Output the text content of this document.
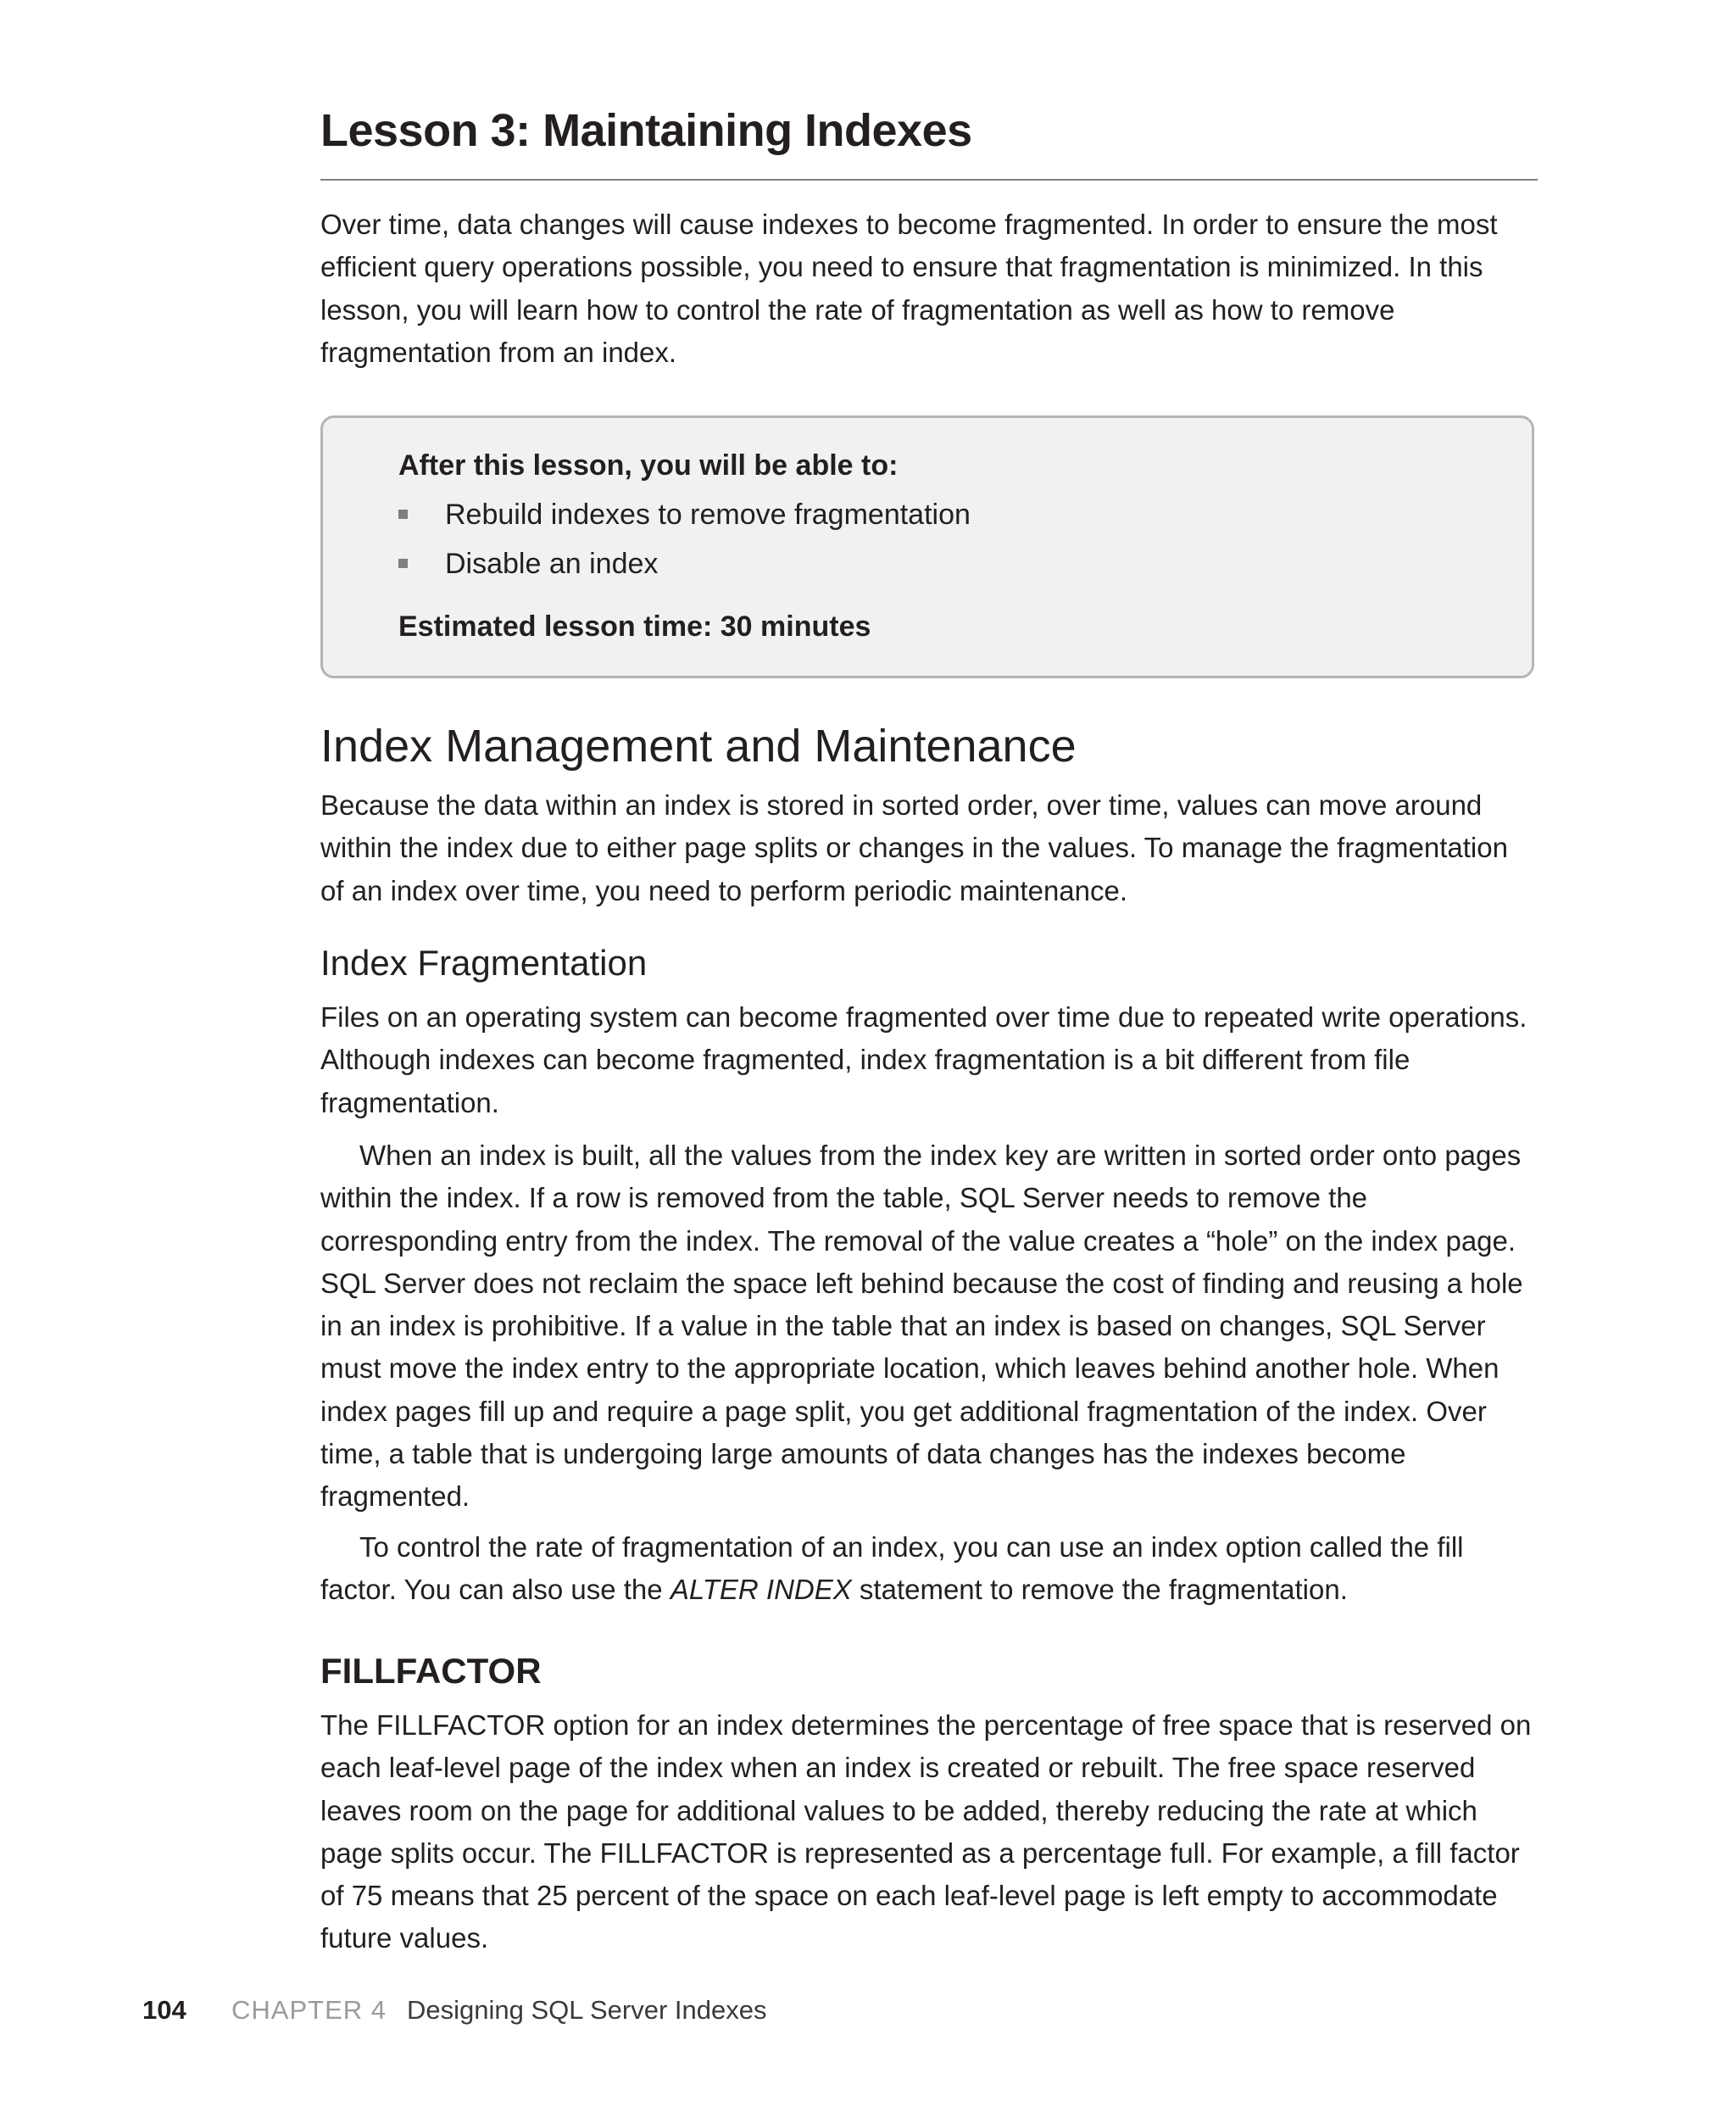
Lesson 3: Maintaining Indexes

Over time, data changes will cause indexes to become fragmented. In order to ensure the most efficient query operations possible, you need to ensure that fragmentation is minimized. In this lesson, you will learn how to control the rate of fragmentation as well as how to remove fragmentation from an index.

After this lesson, you will be able to:
Rebuild indexes to remove fragmentation
Disable an index
Estimated lesson time: 30 minutes
Index Management and Maintenance

Because the data within an index is stored in sorted order, over time, values can move around within the index due to either page splits or changes in the values. To manage the fragmentation of an index over time, you need to perform periodic maintenance.

Index Fragmentation

Files on an operating system can become fragmented over time due to repeated write operations. Although indexes can become fragmented, index fragmentation is a bit different from file fragmentation.

When an index is built, all the values from the index key are written in sorted order onto pages within the index. If a row is removed from the table, SQL Server needs to remove the corresponding entry from the index. The removal of the value creates a “hole” on the index page. SQL Server does not reclaim the space left behind because the cost of finding and reusing a hole in an index is prohibitive. If a value in the table that an index is based on changes, SQL Server must move the index entry to the appropriate location, which leaves behind another hole. When index pages fill up and require a page split, you get additional fragmentation of the index. Over time, a table that is undergoing large amounts of data changes has the indexes become fragmented.

To control the rate of fragmentation of an index, you can use an index option called the fill factor. You can also use the ALTER INDEX statement to remove the fragmentation.

FILLFACTOR

The FILLFACTOR option for an index determines the percentage of free space that is reserved on each leaf-level page of the index when an index is created or rebuilt. The free space reserved leaves room on the page for additional values to be added, thereby reducing the rate at which page splits occur. The FILLFACTOR is represented as a percentage full. For example, a fill factor of 75 means that 25 percent of the space on each leaf-level page is left empty to accommodate future values.

104 CHAPTER 4 Designing SQL Server Indexes
